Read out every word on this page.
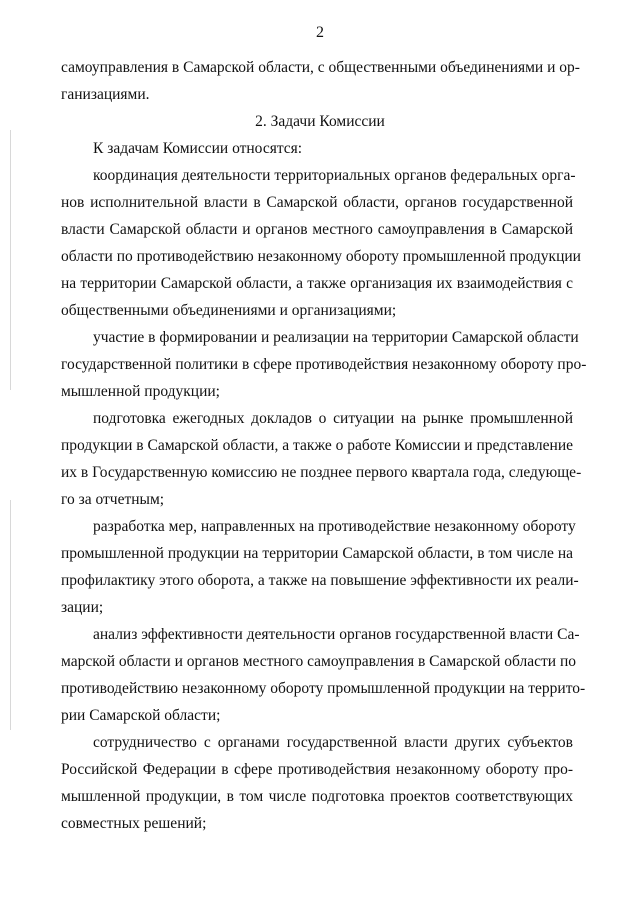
2
самоуправления в Самарской области, с общественными объединениями и ор-
ганизациями.
2. Задачи Комиссии
К задачам Комиссии относятся:
координация деятельности территориальных органов федеральных орга-
нов исполнительной власти в Самарской области, органов государственной
власти Самарской области и органов местного самоуправления в Самарской
области по противодействию незаконному обороту промышленной продукции
на территории Самарской области, а также организация их взаимодействия с
общественными объединениями и организациями;
участие в формировании и реализации на территории Самарской области
государственной политики в сфере противодействия незаконному обороту про-
мышленной продукции;
подготовка ежегодных докладов о ситуации на рынке промышленной
продукции в Самарской области, а также о работе Комиссии и представление
их в Государственную комиссию не позднее первого квартала года, следующе-
го за отчетным;
разработка мер, направленных на противодействие незаконному обороту
промышленной продукции на территории Самарской области, в том числе на
профилактику этого оборота, а также на повышение эффективности их реали-
зации;
анализ эффективности деятельности органов государственной власти Са-
марской области и органов местного самоуправления в Самарской области по
противодействию незаконному обороту промышленной продукции на террито-
рии Самарской области;
сотрудничество с органами государственной власти других субъектов
Российской Федерации в сфере противодействия незаконному обороту про-
мышленной продукции, в том числе подготовка проектов соответствующих
совместных решений;
